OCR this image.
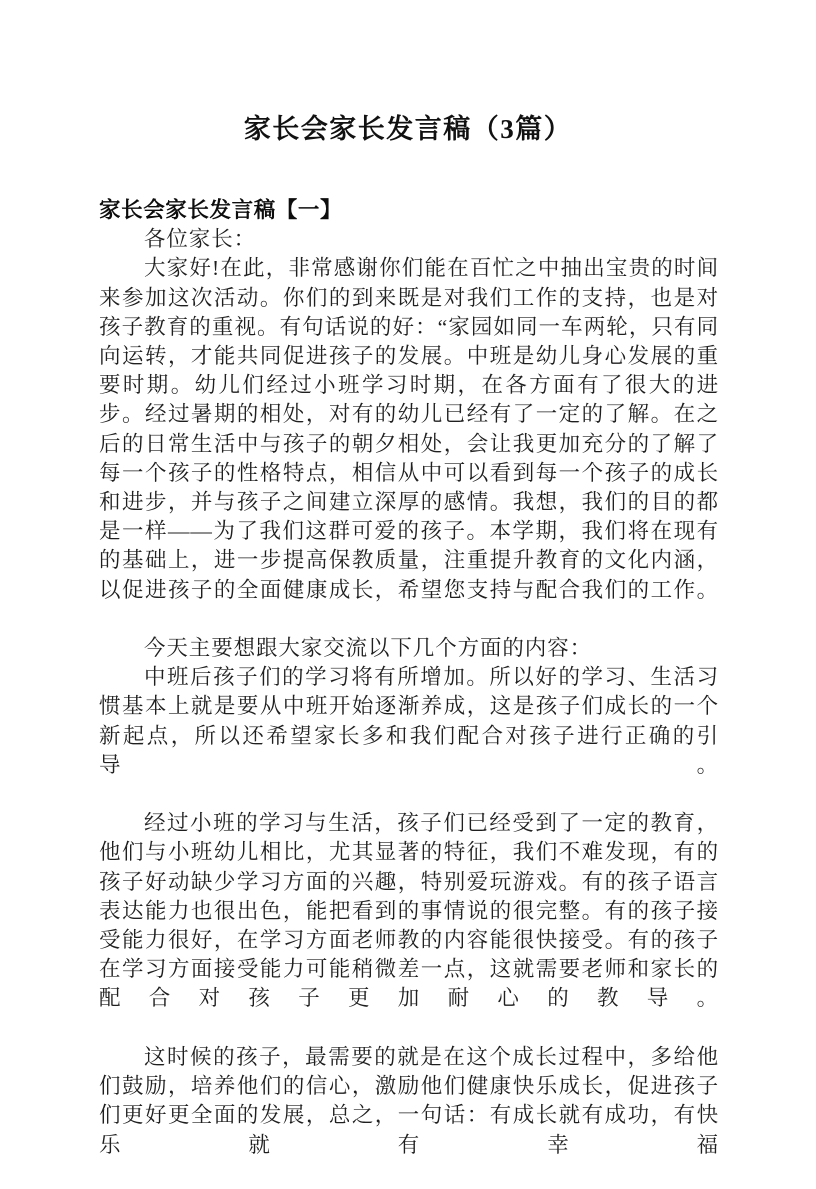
家长会家长发言稿（3篇）

家长会家长发言稿【一】

各位家长：

大家好!在此，非常感谢你们能在百忙之中抽出宝贵的时间来参加这次活动。你们的到来既是对我们工作的支持，也是对孩子教育的重视。有句话说的好：“家园如同一车两轮，只有同向运转，才能共同促进孩子的发展。中班是幼儿身心发展的重要时期。幼儿们经过小班学习时期，在各方面有了很大的进步。经过暑期的相处，对有的幼儿已经有了一定的了解。在之后的日常生活中与孩子的朝夕相处，会让我更加充分的了解了每一个孩子的性格特点，相信从中可以看到每一个孩子的成长和进步，并与孩子之间建立深厚的感情。我想，我们的目的都是一样——为了我们这群可爱的孩子。本学期，我们将在现有的基础上，进一步提高保教质量，注重提升教育的文化内涵，以促进孩子的全面健康成长，希望您支持与配合我们的工作。

今天主要想跟大家交流以下几个方面的内容：

中班后孩子们的学习将有所增加。所以好的学习、生活习惯基本上就是要从中班开始逐渐养成，这是孩子们成长的一个新起点，所以还希望家长多和我们配合对孩子进行正确的引导。

经过小班的学习与生活，孩子们已经受到了一定的教育，他们与小班幼儿相比，尤其显著的特征，我们不难发现，有的孩子好动缺少学习方面的兴趣，特别爱玩游戏。有的孩子语言表达能力也很出色，能把看到的事情说的很完整。有的孩子接受能力很好，在学习方面老师教的内容能很快接受。有的孩子在学习方面接受能力可能稍微差一点，这就需要老师和家长的配合对孩子更加耐心的教导。

这时候的孩子，最需要的就是在这个成长过程中，多给他们鼓励，培养他们的信心，激励他们健康快乐成长，促进孩子们更好更全面的发展，总之，一句话：有成长就有成功，有快乐就有幸福
